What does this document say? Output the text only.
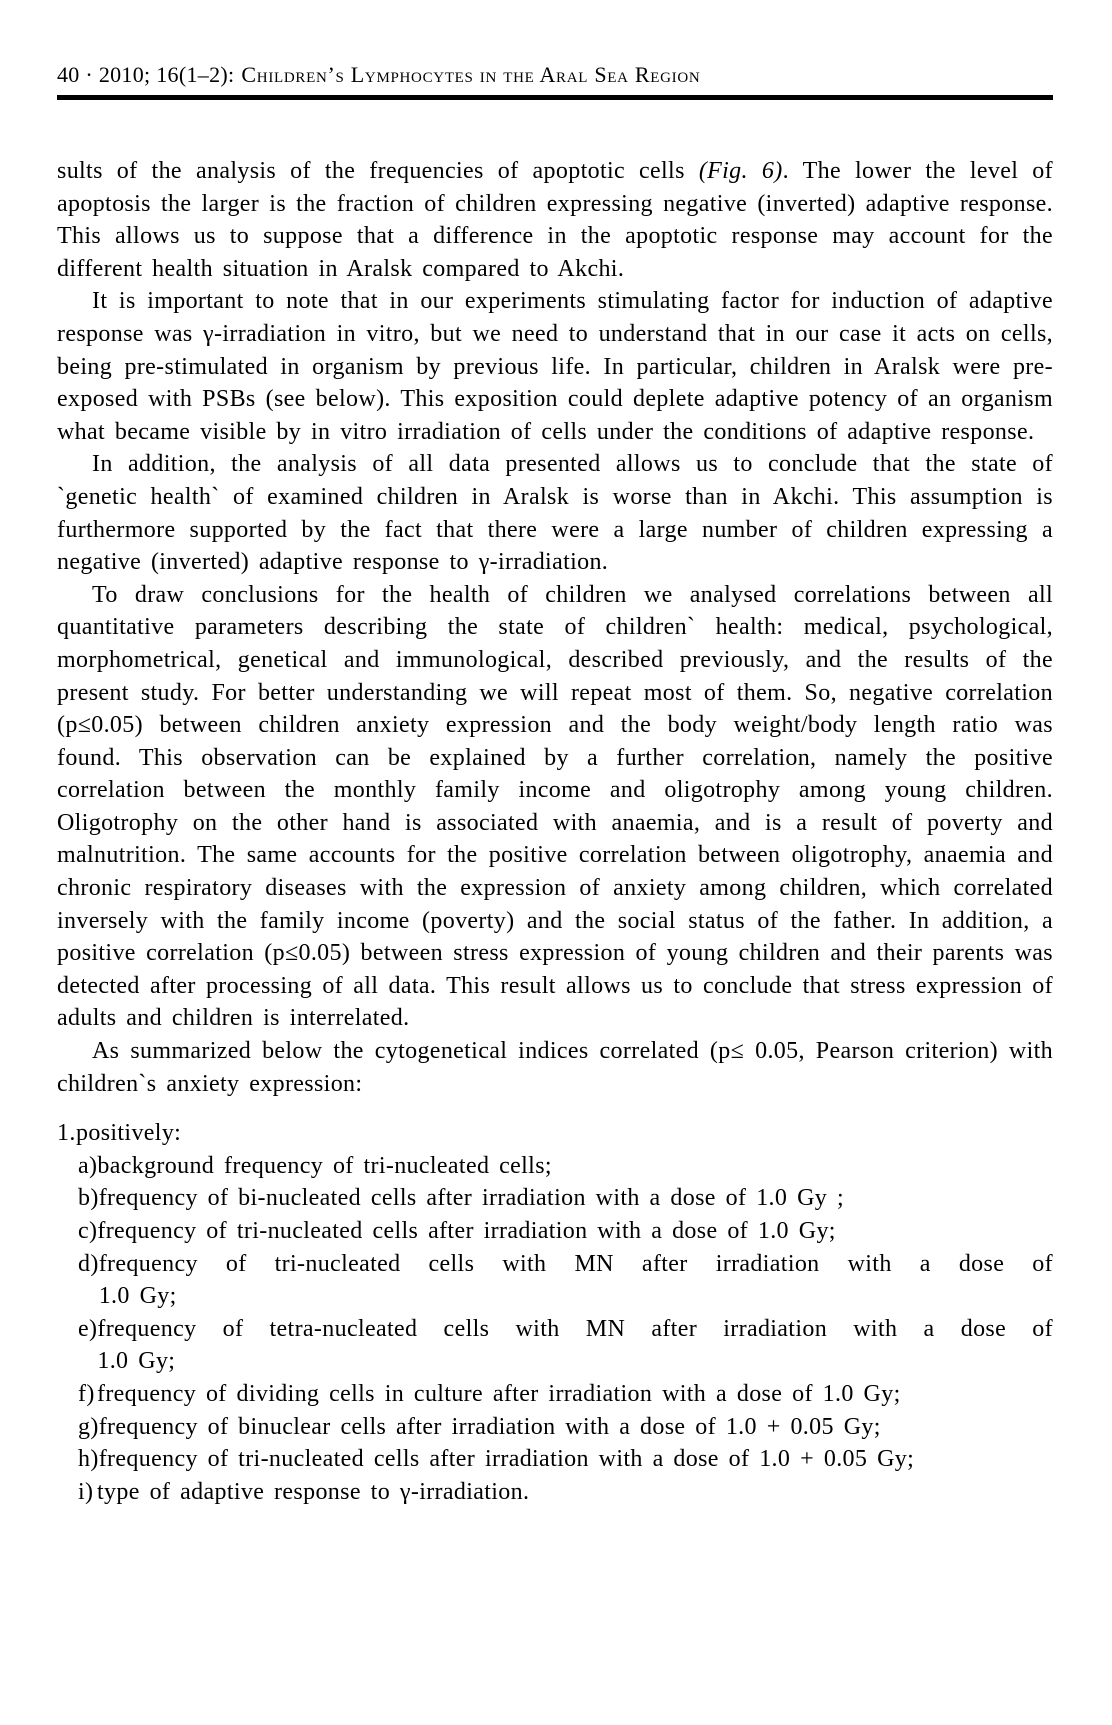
40 · 2010; 16(1–2): Children’s Lymphocytes in the Aral Sea Region

sults of the analysis of the frequencies of apoptotic cells (Fig. 6). The lower the level of apoptosis the larger is the fraction of children expressing negative (inverted) adaptive response. This allows us to suppose that a difference in the apoptotic response may account for the different health situation in Aralsk compared to Akchi.

It is important to note that in our experiments stimulating factor for induction of adaptive response was γ-irradiation in vitro, but we need to understand that in our case it acts on cells, being pre-stimulated in organism by previous life. In particular, children in Aralsk were pre-exposed with PSBs (see below). This exposition could deplete adaptive potency of an organism what became visible by in vitro irradiation of cells under the conditions of adaptive response.

In addition, the analysis of all data presented allows us to conclude that the state of `genetic health` of examined children in Aralsk is worse than in Akchi. This assumption is furthermore supported by the fact that there were a large number of children expressing a negative (inverted) adaptive response to γ-irradiation.

To draw conclusions for the health of children we analysed correlations between all quantitative parameters describing the state of children` health: medical, psychological, morphometrical, genetical and immunological, described previously, and the results of the present study. For better understanding we will repeat most of them. So, negative correlation (p≤0.05) between children anxiety expression and the body weight/body length ratio was found. This observation can be explained by a further correlation, namely the positive correlation between the monthly family income and oligotrophy among young children. Oligotrophy on the other hand is associated with anaemia, and is a result of poverty and malnutrition. The same accounts for the positive correlation between oligotrophy, anaemia and chronic respiratory diseases with the expression of anxiety among children, which correlated inversely with the family income (poverty) and the social status of the father. In addition, a positive correlation (p≤0.05) between stress expression of young children and their parents was detected after processing of all data. This result allows us to conclude that stress expression of adults and children is interrelated.

As summarized below the cytogenetical indices correlated (p≤ 0.05, Pearson criterion) with children`s anxiety expression:

1.positively:
a) background frequency of tri-nucleated cells;
b) frequency of bi-nucleated cells after irradiation with a dose of 1.0 Gy ;
c) frequency of tri-nucleated cells after irradiation with a dose of 1.0 Gy;
d) frequency of tri-nucleated cells with MN after irradiation with a dose of
1.0 Gy;
e) frequency of tetra-nucleated cells with MN after irradiation with a dose of
1.0 Gy;
f) frequency of dividing cells in culture after irradiation with a dose of 1.0 Gy;
g) frequency of binuclear cells after irradiation with a dose of 1.0 + 0.05 Gy;
h) frequency of tri-nucleated cells after irradiation with a dose of 1.0 + 0.05 Gy;
i) type of adaptive response to γ-irradiation.
